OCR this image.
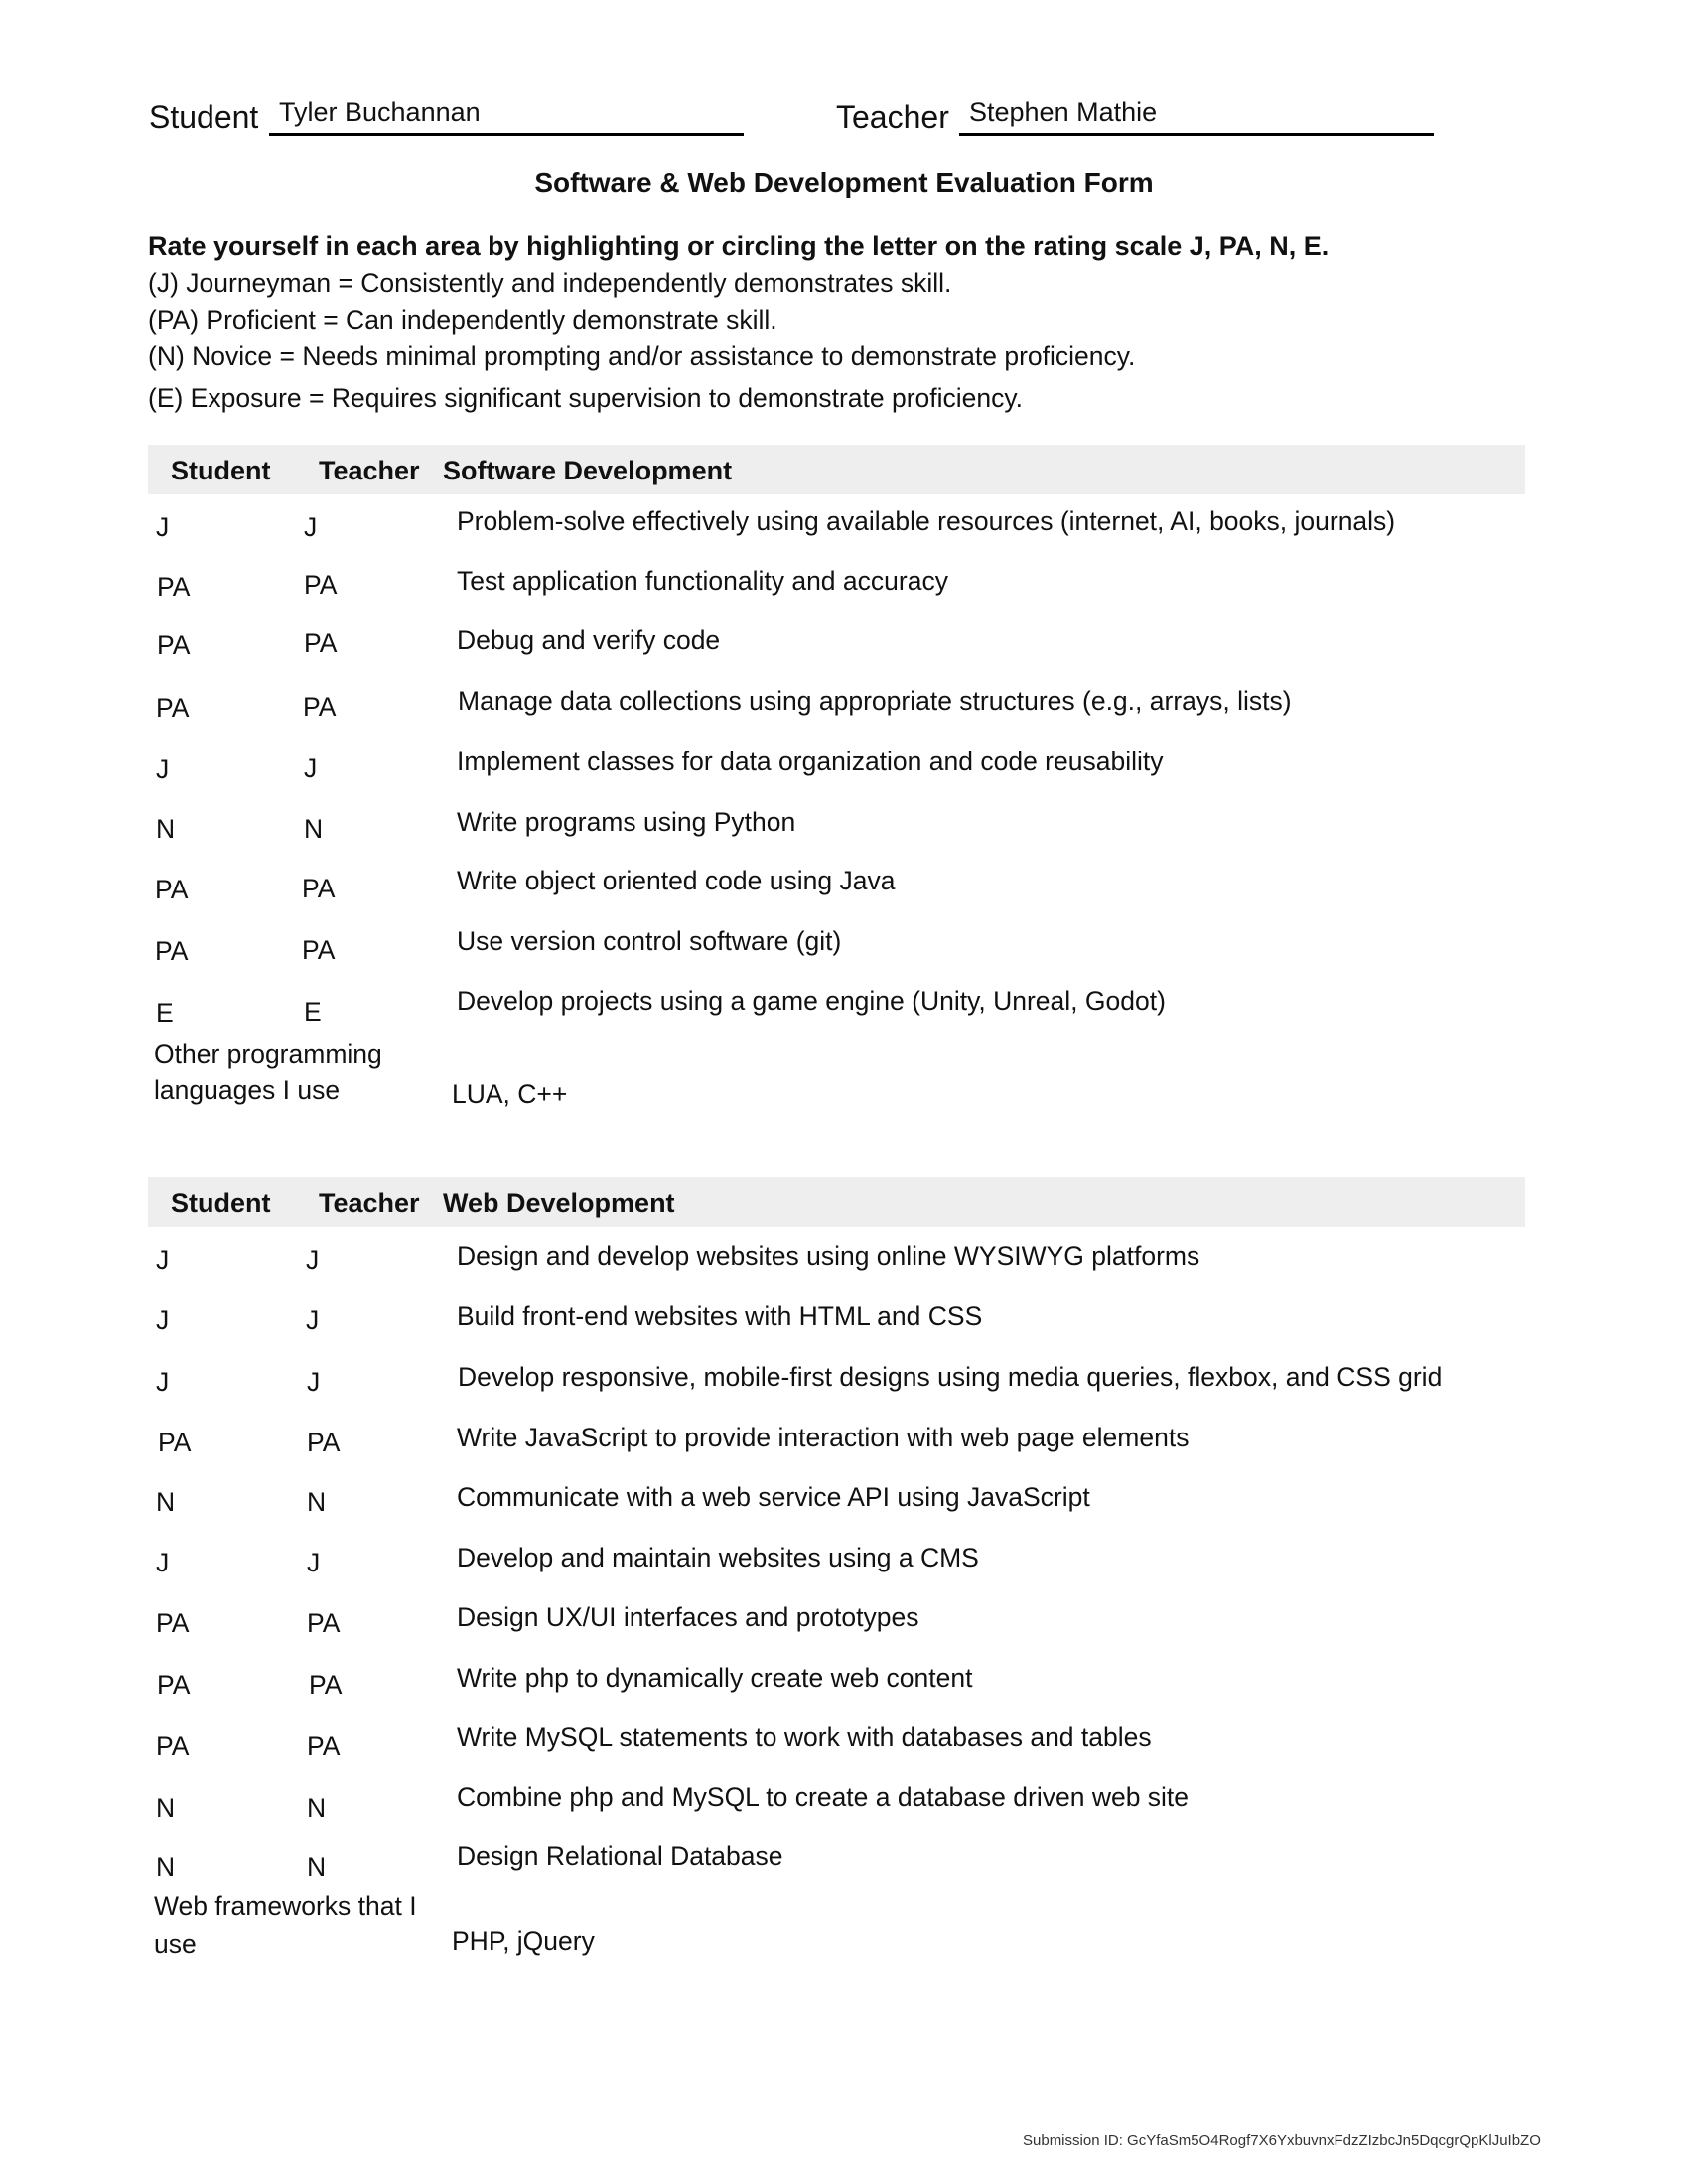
Student Tyler Buchannan	Teacher Stephen Mathie
Software & Web Development Evaluation Form
Rate yourself in each area by highlighting or circling the letter on the rating scale J, PA, N, E.
(J) Journeyman = Consistently and independently demonstrates skill.
(PA) Proficient = Can independently demonstrate skill.
(N) Novice = Needs minimal prompting and/or assistance to demonstrate proficiency.
(E) Exposure = Requires significant supervision to demonstrate proficiency.
Student Teacher Software Development
J	J	Problem-solve effectively using available resources (internet, AI, books, journals)
PA	PA	Test application functionality and accuracy
PA	PA	Debug and verify code
PA	PA	Manage data collections using appropriate structures (e.g., arrays, lists)
J	J	Implement classes for data organization and code reusability
N	N	Write programs using Python
PA	PA	Write object oriented code using Java
PA	PA	Use version control software (git)
E	E	Develop projects using a game engine (Unity, Unreal, Godot)
Other programming
languages I use	LUA, C++
Student Teacher Web Development
J	J	Design and develop websites using online WYSIWYG platforms
J	J	Build front-end websites with HTML and CSS
J	J	Develop responsive, mobile-first designs using media queries, flexbox, and CSS grid
PA	PA	Write JavaScript to provide interaction with web page elements
N	N	Communicate with a web service API using JavaScript
J	J	Develop and maintain websites using a CMS
PA	PA	Design UX/UI interfaces and prototypes
PA	PA	Write php to dynamically create web content
PA	PA	Write MySQL statements to work with databases and tables
N	N	Combine php and MySQL to create a database driven web site
N	N	Design Relational Database
Web frameworks that I
use	PHP, jQuery
Submission ID: GcYfaSm5O4Rogf7X6YxbuvnxFdzZIzbcJn5DqcgrQpKlJuIbZO
